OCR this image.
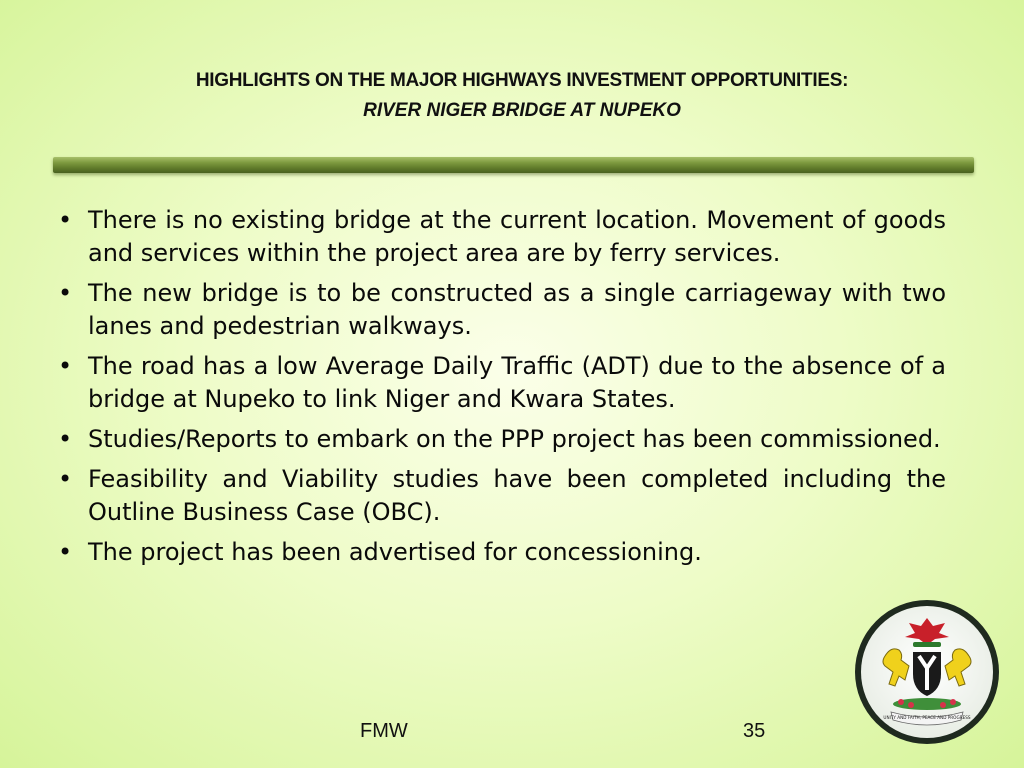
HIGHLIGHTS ON THE MAJOR HIGHWAYS INVESTMENT OPPORTUNITIES:
RIVER NIGER BRIDGE AT NUPEKO
• There is no existing bridge at the current location. Movement of goods and services within the project area are by ferry services.
• The new bridge is to be constructed as a single carriageway with two lanes and pedestrian walkways.
• The road has a low Average Daily Traffic (ADT) due to the absence of a bridge at Nupeko to link Niger and Kwara States.
• Studies/Reports to embark on the PPP project has been commissioned.
• Feasibility and Viability studies have been completed including the Outline Business Case (OBC).
• The project has been advertised for concessioning.
UNITY AND FAITH, PEACE AND PROGRESS
FMW	35
